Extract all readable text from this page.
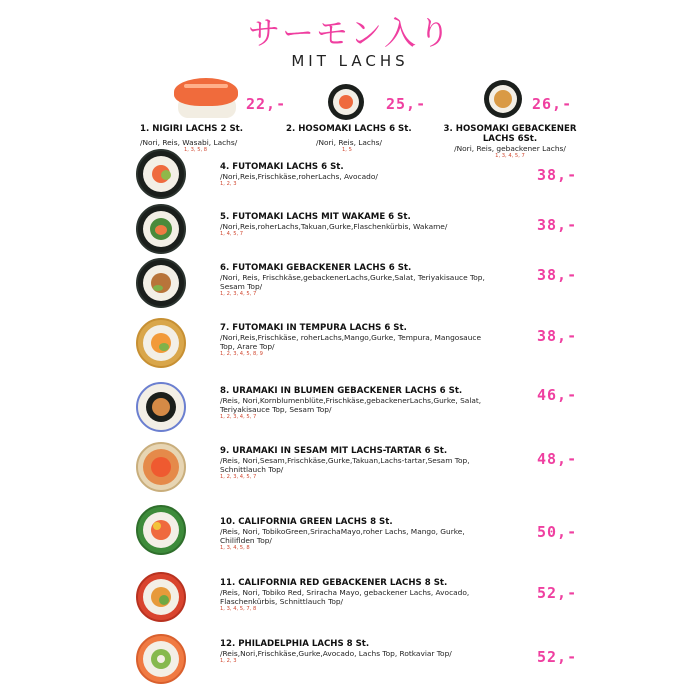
サーモン入り
MIT LACHS
22,-	25,-	26,-
1. NIGIRI LACHS 2 St.
/Nori, Reis, Wasabi, Lachs/
1, 3, 5, 8
2. HOSOMAKI LACHS 6 St.
/Nori, Reis, Lachs/
1, 5
3. HOSOMAKI GEBACKENER LACHS 6St.
/Nori, Reis, gebackener Lachs/
1, 3, 4, 5, 7
4. FUTOMAKI LACHS 6 St.
/Nori,Reis,Frischkäse,roherLachs, Avocado/
1, 2, 3
5. FUTOMAKI LACHS MIT WAKAME 6 St.
/Nori,Reis,roherLachs,Takuan,Gurke,Flaschenkürbis, Wakame/
1, 4, 5, 7
6. FUTOMAKI GEBACKENER LACHS 6 St.
/Nori, Reis, Frischkäse,gebackenerLachs,Gurke,Salat, Teriyakisauce Top, Sesam Top/
1, 2, 3, 4, 5, 7
7. FUTOMAKI IN TEMPURA LACHS 6 St.
/Nori,Reis,Frischkäse, roherLachs,Mango,Gurke, Tempura, Mangosauce Top, Arare Top/
1, 2, 3, 4, 5, 8, 9
8. URAMAKI IN BLUMEN GEBACKENER LACHS 6 St.
/Reis, Nori,Kornblumenblüte,Frischkäse,gebackenerLachs,Gurke, Salat, Teriyakisauce Top, Sesam Top/
1, 2, 3, 4, 5, 7
9. URAMAKI IN SESAM MIT LACHS-TARTAR 6 St.
/Reis, Nori,Sesam,Frischkäse,Gurke,Takuan,Lachs-tartar,Sesam Top, Schnittlauch Top/
1, 2, 3, 4, 5, 7
10. CALIFORNIA GREEN LACHS 8 St.
/Reis, Nori, TobikoGreen,SrirachaMayo,roher Lachs, Mango, Gurke, Chiliflden Top/
1, 3, 4, 5, 8
11. CALIFORNIA RED GEBACKENER LACHS 8 St.
/Reis, Nori, Tobiko Red, Sriracha Mayo, gebackener Lachs, Avocado, Flaschenkürbis, Schnittlauch Top/
1, 3, 4, 5, 7, 8
12. PHILADELPHIA LACHS 8 St.
/Reis,Nori,Frischkäse,Gurke,Avocado, Lachs Top, Rotkaviar Top/
1, 2, 3
38,-
38,-
38,-
38,-
46,-
48,-
50,-
52,-
52,-
